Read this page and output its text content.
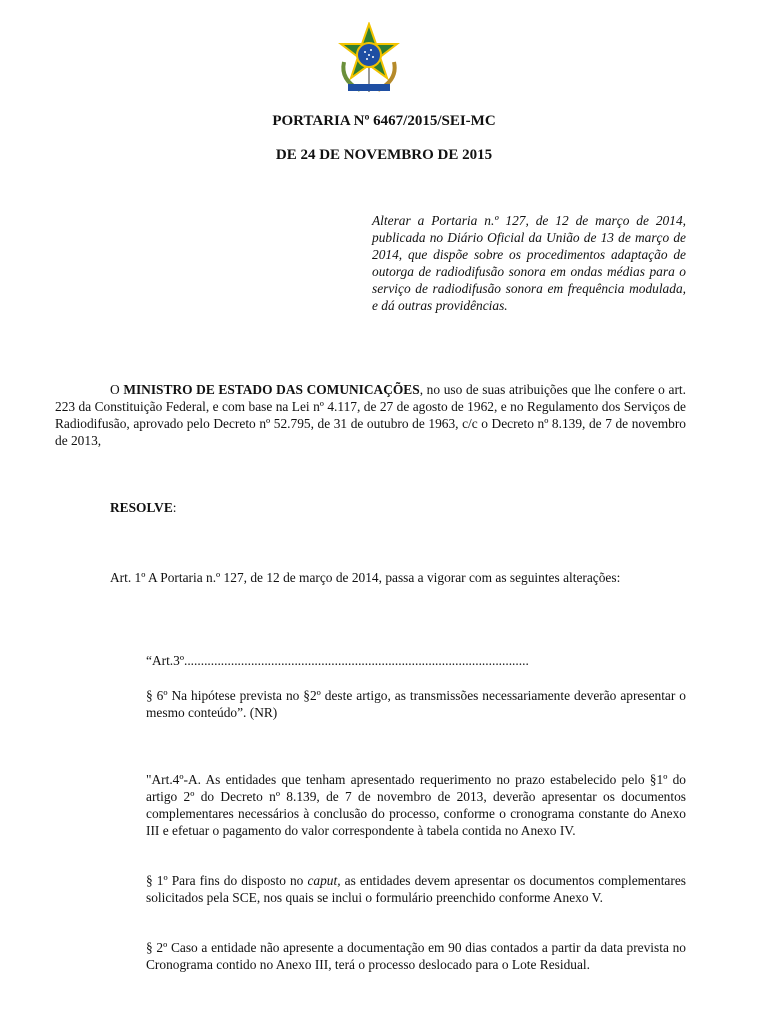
PORTARIA Nº 6467/2015/SEI-MC
DE 24 DE NOVEMBRO DE 2015
Alterar a Portaria n.º 127, de 12 de março de 2014, publicada no Diário Oficial da União de 13 de março de 2014, que dispõe sobre os procedimentos adaptação de outorga de radiodifusão sonora em ondas médias para o serviço de radiodifusão sonora em frequência modulada, e dá outras providências.
O MINISTRO DE ESTADO DAS COMUNICAÇÕES, no uso de suas atribuições que lhe confere o art. 223 da Constituição Federal, e com base na Lei nº 4.117, de 27 de agosto de 1962, e no Regulamento dos Serviços de Radiodifusão, aprovado pelo Decreto nº 52.795, de 31 de outubro de 1963, c/c o Decreto nº 8.139, de 7 de novembro de 2013,
RESOLVE:
Art. 1º A Portaria n.º 127, de 12 de março de 2014, passa a vigorar com as seguintes alterações:
“Art.3º.......................................................................................................
§ 6º Na hipótese prevista no §2º deste artigo, as transmissões necessariamente deverão apresentar o mesmo conteúdo”. (NR)
"Art.4º-A. As entidades que tenham apresentado requerimento no prazo estabelecido pelo §1º do artigo 2º do Decreto nº 8.139, de 7 de novembro de 2013, deverão apresentar os documentos complementares necessários à conclusão do processo, conforme o cronograma constante do Anexo III e efetuar o pagamento do valor correspondente à tabela contida no Anexo IV.
§ 1º Para fins do disposto no caput, as entidades devem apresentar os documentos complementares solicitados pela SCE, nos quais se inclui o formulário preenchido conforme Anexo V.
§ 2º Caso a entidade não apresente a documentação em 90 dias contados a partir da data prevista no Cronograma contido no Anexo III, terá o processo deslocado para o Lote Residual.
